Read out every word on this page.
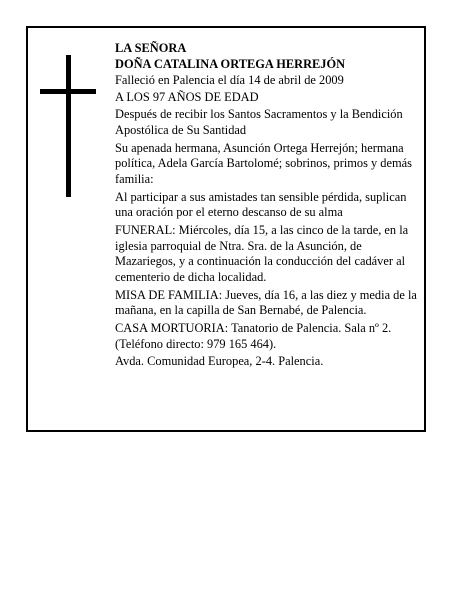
LA SEÑORA

DOÑA CATALINA ORTEGA HERREJÓN

Falleció en Palencia el día 14 de abril de 2009

A LOS 97 AÑOS DE EDAD

Después de recibir los Santos Sacramentos y la Bendición Apostólica de Su Santidad

Su apenada hermana, Asunción Ortega Herrejón; hermana política, Adela García Bartolomé; sobrinos, primos y demás familia:

Al participar a sus amistades tan sensible pérdida, suplican una oración por el eterno descanso de su alma

FUNERAL: Miércoles, día 15, a las cinco de la tarde, en la iglesia parroquial de Ntra. Sra. de la Asunción, de Mazariegos, y a continuación la conducción del cadáver al cementerio de dicha localidad.

MISA DE FAMILIA: Jueves, día 16, a las diez y media de la mañana, en la capilla de San Bernabé, de Palencia.

CASA MORTUORIA: Tanatorio de Palencia. Sala nº 2. (Teléfono directo: 979 165 464).

Avda. Comunidad Europea, 2-4. Palencia.
